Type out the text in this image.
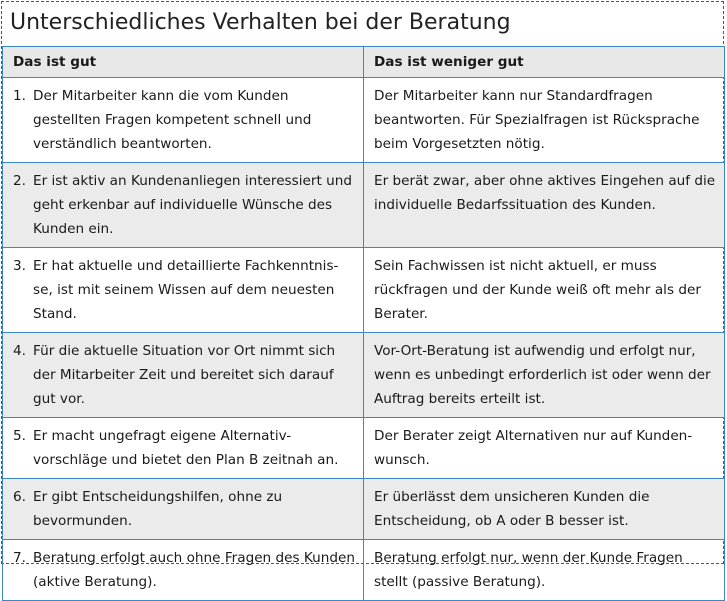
Unterschiedliches Verhalten bei der Beratung
Das ist gut	Das ist weniger gut

1. Der Mitarbeiter kann die vom Kunden gestellten Fragen kompetent schnell und verständlich beantworten.	Der Mitarbeiter kann nur Standardfragen beantworten. Für Spezialfragen ist Rücksprache beim Vorgesetzten nötig.

2. Er ist aktiv an Kundenanliegen interessiert und geht erkenbar auf individuelle Wünsche des Kunden ein.	Er berät zwar, aber ohne aktives Eingehen auf die individuelle Bedarfssituation des Kunden.

3. Er hat aktuelle und detaillierte Fachkenntnis- se, ist mit seinem Wissen auf dem neuesten Stand.	Sein Fachwissen ist nicht aktuell, er muss rückfragen und der Kunde weiß oft mehr als der Berater.

4. Für die aktuelle Situation vor Ort nimmt sich der Mitarbeiter Zeit und bereitet sich darauf gut vor.	Vor-Ort-Beratung ist aufwendig und erfolgt nur, wenn es unbedingt erforderlich ist oder wenn der Auftrag bereits erteilt ist.

5. Er macht ungefragt eigene Alternativ- vorschläge und bietet den Plan B zeitnah an.	Der Berater zeigt Alternativen nur auf Kunden- wunsch.

6. Er gibt Entscheidungshilfen, ohne zu bevormunden.	Er überlässt dem unsicheren Kunden die Entscheidung, ob A oder B besser ist.

7. Beratung erfolgt auch ohne Fragen des Kunden (aktive Beratung).	Beratung erfolgt nur, wenn der Kunde Fragen stellt (passive Beratung).
